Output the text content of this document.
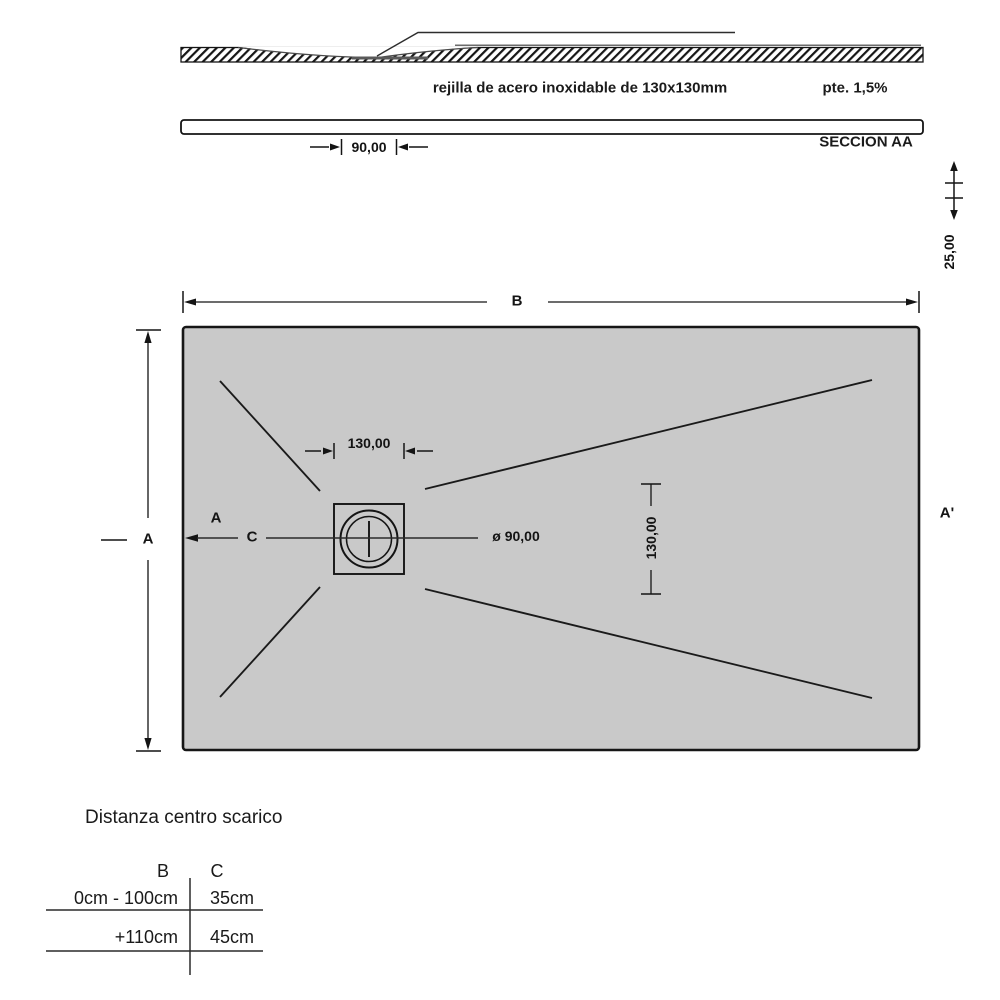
rejilla de acero inoxidable de 130x130mm	pte. 1,5%
90,00	SECCION AA
25,00
B
A
A
C
A'
130,00
130,00
ø 90,00
Distanza centro scarico
B C
0cm - 100cm	35cm
+110cm	45cm
